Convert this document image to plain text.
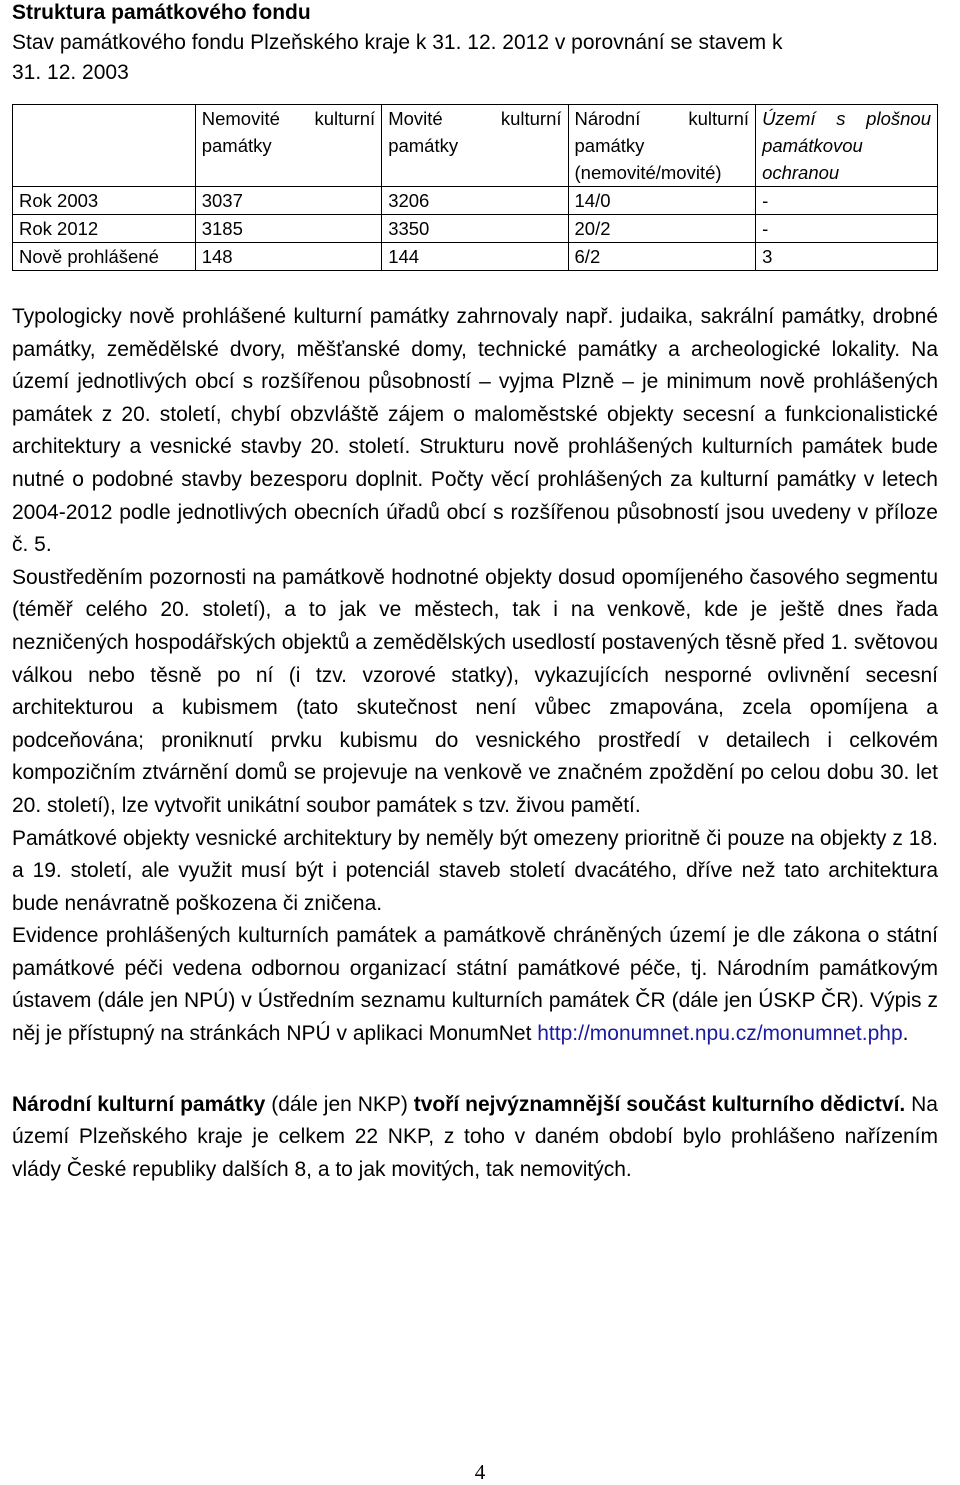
Struktura památkového fondu
Stav památkového fondu Plzeňského kraje k 31. 12. 2012 v porovnání se stavem k 31. 12. 2003
	Nemovité kulturní památky	Movité kulturní památky	Národní kulturní památky (nemovité/movité)	Území s plošnou památkovou ochranou
Rok 2003	3037	3206	14/0	-
Rok 2012	3185	3350	20/2	-
Nově prohlášené	148	144	6/2	3

Typologicky nově prohlášené kulturní památky zahrnovaly např. judaika, sakrální památky, drobné památky, zemědělské dvory, měšťanské domy, technické památky a archeologické lokality. Na území jednotlivých obcí s rozšířenou působností – vyjma Plzně – je minimum nově prohlášených památek z 20. století, chybí obzvláště zájem o maloměstské objekty secesní a funkcionalistické architektury a vesnické stavby 20. století. Strukturu nově prohlášených kulturních památek bude nutné o podobné stavby bezesporu doplnit. Počty věcí prohlášených za kulturní památky v letech 2004-2012 podle jednotlivých obecních úřadů obcí s rozšířenou působností jsou uvedeny v příloze č. 5.

Soustředěním pozornosti na památkově hodnotné objekty dosud opomíjeného časového segmentu (téměř celého 20. století), a to jak ve městech, tak i na venkově, kde je ještě dnes řada nezničených hospodářských objektů a zemědělských usedlostí postavených těsně před 1. světovou válkou nebo těsně po ní (i tzv. vzorové statky), vykazujících nesporné ovlivnění secesní architekturou a kubismem (tato skutečnost není vůbec zmapována, zcela opomíjena a podceňována; proniknutí prvku kubismu do vesnického prostředí v detailech i celkovém kompozičním ztvárnění domů se projevuje na venkově ve značném zpoždění po celou dobu 30. let 20. století), lze vytvořit unikátní soubor památek s tzv. živou pamětí.

Památkové objekty vesnické architektury by neměly být omezeny prioritně či pouze na objekty z 18. a 19. století, ale využit musí být i potenciál staveb století dvacátého, dříve než tato architektura bude nenávratně poškozena či zničena.

Evidence prohlášených kulturních památek a památkově chráněných území je dle zákona o státní památkové péči vedena odbornou organizací státní památkové péče, tj. Národním památkovým ústavem (dále jen NPÚ) v Ústředním seznamu kulturních památek ČR (dále jen ÚSKP ČR). Výpis z něj je přístupný na stránkách NPÚ v aplikaci MonumNet http://monumnet.npu.cz/monumnet.php.

Národní kulturní památky (dále jen NKP) tvoří nejvýznamnější součást kulturního dědictví. Na území Plzeňského kraje je celkem 22 NKP, z toho v daném období bylo prohlášeno nařízením vlády České republiky dalších 8, a to jak movitých, tak nemovitých.

4
